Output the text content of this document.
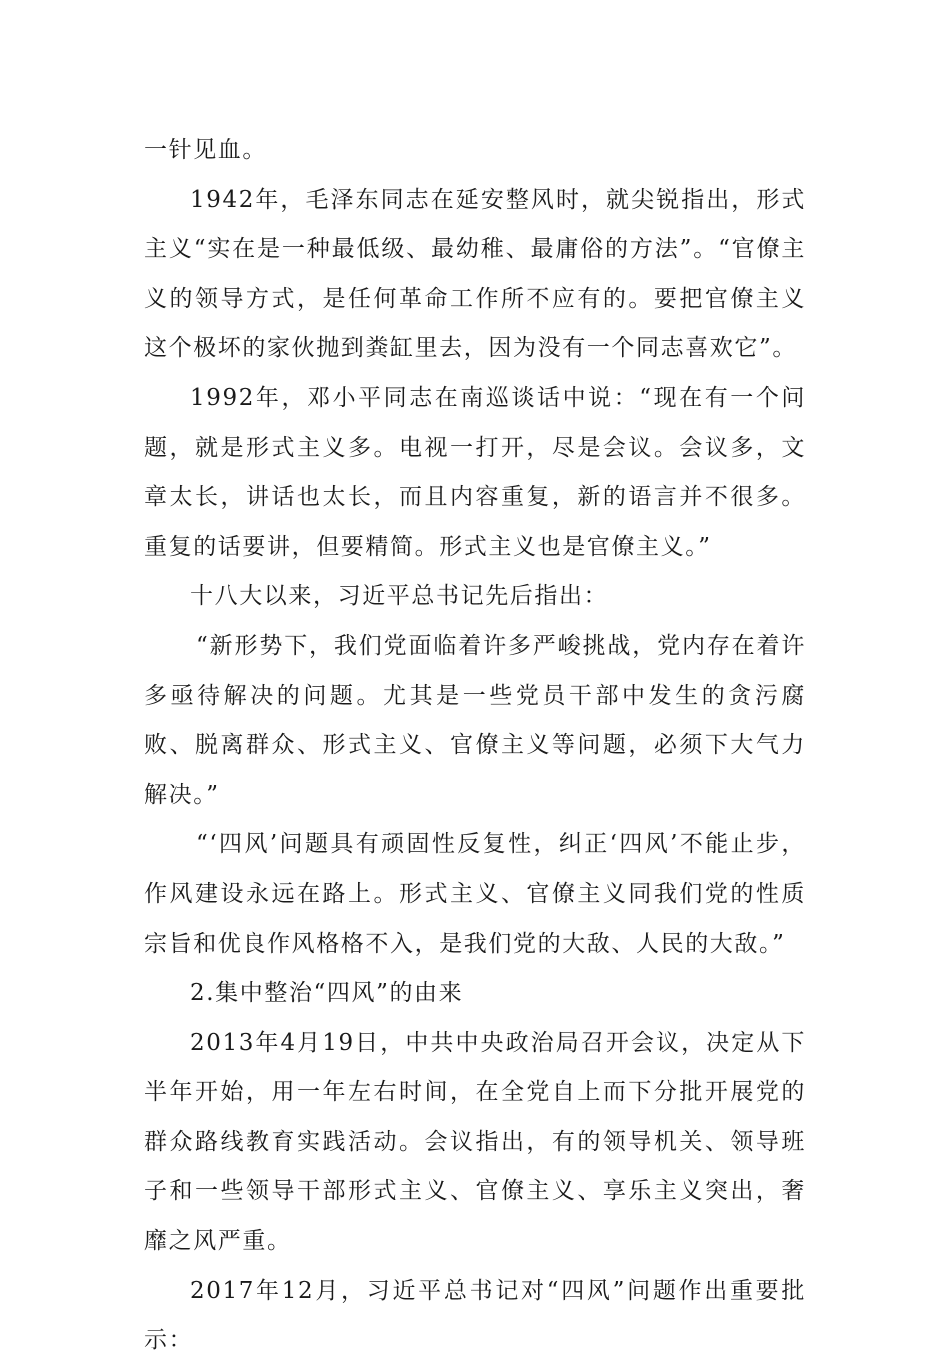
一针见血。

1942年，毛泽东同志在延安整风时，就尖锐指出，形式主义“实在是一种最低级、最幼稚、最庸俗的方法”。“官僚主义的领导方式，是任何革命工作所不应有的。要把官僚主义这个极坏的家伙抛到粪缸里去，因为没有一个同志喜欢它”。

1992年，邓小平同志在南巡谈话中说：“现在有一个问题，就是形式主义多。电视一打开，尽是会议。会议多，文章太长，讲话也太长，而且内容重复，新的语言并不很多。重复的话要讲，但要精简。形式主义也是官僚主义。”

十八大以来，习近平总书记先后指出：

“新形势下，我们党面临着许多严峻挑战，党内存在着许多亟待解决的问题。尤其是一些党员干部中发生的贪污腐败、脱离群众、形式主义、官僚主义等问题，必须下大气力解决。”

“‘四风’问题具有顽固性反复性，纠正‘四风’不能止步，作风建设永远在路上。形式主义、官僚主义同我们党的性质宗旨和优良作风格格不入，是我们党的大敌、人民的大敌。”

2.集中整治“四风”的由来

2013年4月19日，中共中央政治局召开会议，决定从下半年开始，用一年左右时间，在全党自上而下分批开展党的群众路线教育实践活动。会议指出，有的领导机关、领导班子和一些领导干部形式主义、官僚主义、享乐主义突出，奢靡之风严重。

2017年12月，习近平总书记对“四风”问题作出重要批示：
